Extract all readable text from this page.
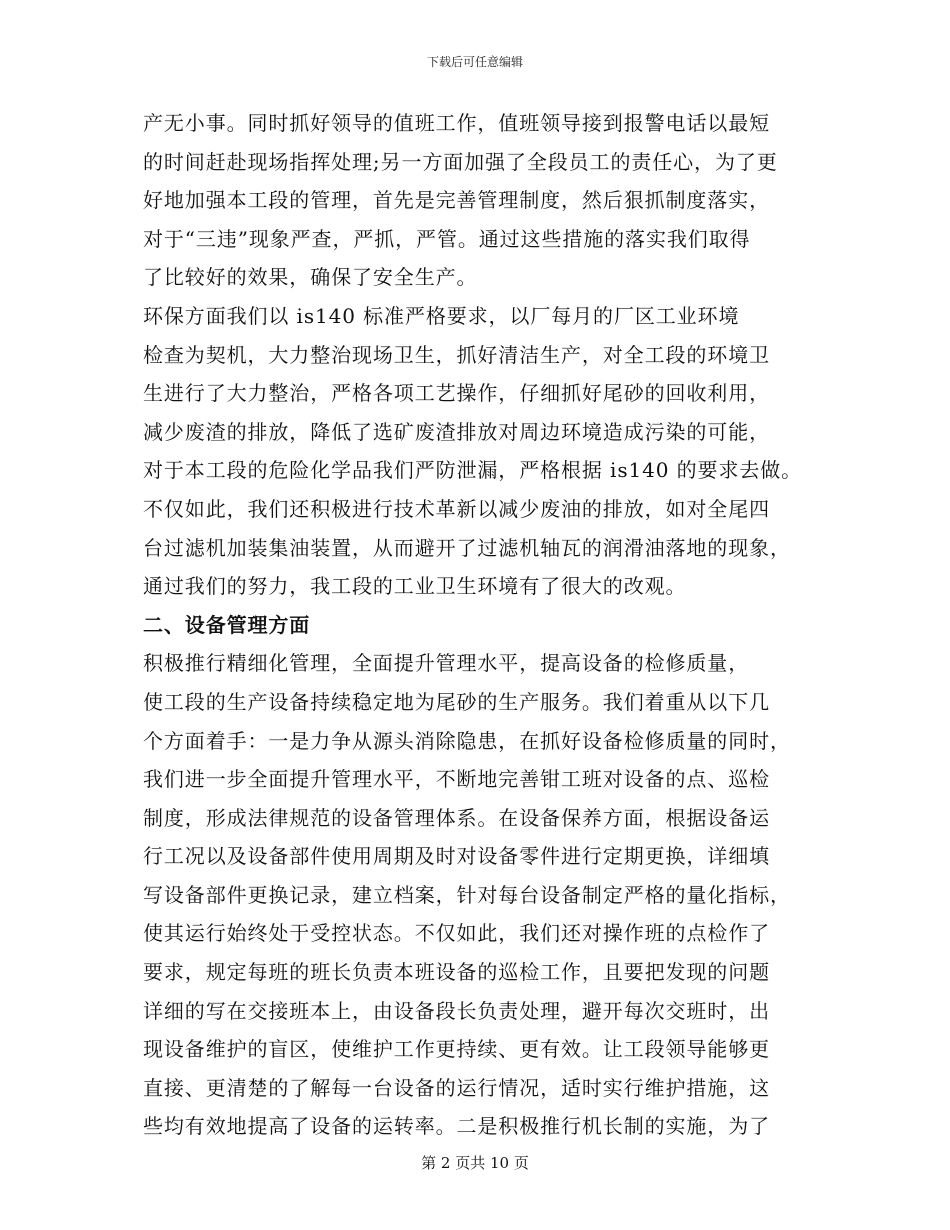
下载后可任意编辑
产无小事。同时抓好领导的值班工作，值班领导接到报警电话以最短
的时间赶赴现场指挥处理;另一方面加强了全段员工的责任心，为了更
好地加强本工段的管理，首先是完善管理制度，然后狠抓制度落实，
对于“三违”现象严查，严抓，严管。通过这些措施的落实我们取得
了比较好的效果，确保了安全生产。
环保方面我们以 is140 标准严格要求，以厂每月的厂区工业环境
检查为契机，大力整治现场卫生，抓好清洁生产，对全工段的环境卫
生进行了大力整治，严格各项工艺操作，仔细抓好尾砂的回收利用，
减少废渣的排放，降低了选矿废渣排放对周边环境造成污染的可能，
对于本工段的危险化学品我们严防泄漏，严格根据 is140 的要求去做。
不仅如此，我们还积极进行技术革新以减少废油的排放，如对全尾四
台过滤机加装集油装置，从而避开了过滤机轴瓦的润滑油落地的现象，
通过我们的努力，我工段的工业卫生环境有了很大的改观。
二、设备管理方面
积极推行精细化管理，全面提升管理水平，提高设备的检修质量，
使工段的生产设备持续稳定地为尾砂的生产服务。我们着重从以下几
个方面着手：一是力争从源头消除隐患，在抓好设备检修质量的同时，
我们进一步全面提升管理水平，不断地完善钳工班对设备的点、巡检
制度，形成法律规范的设备管理体系。在设备保养方面，根据设备运
行工况以及设备部件使用周期及时对设备零件进行定期更换，详细填
写设备部件更换记录，建立档案，针对每台设备制定严格的量化指标，
使其运行始终处于受控状态。不仅如此，我们还对操作班的点检作了
要求，规定每班的班长负责本班设备的巡检工作，且要把发现的问题
详细的写在交接班本上，由设备段长负责处理，避开每次交班时，出
现设备维护的盲区，使维护工作更持续、更有效。让工段领导能够更
直接、更清楚的了解每一台设备的运行情况，适时实行维护措施，这
些均有效地提高了设备的运转率。二是积极推行机长制的实施，为了
第 2 页共 10 页
